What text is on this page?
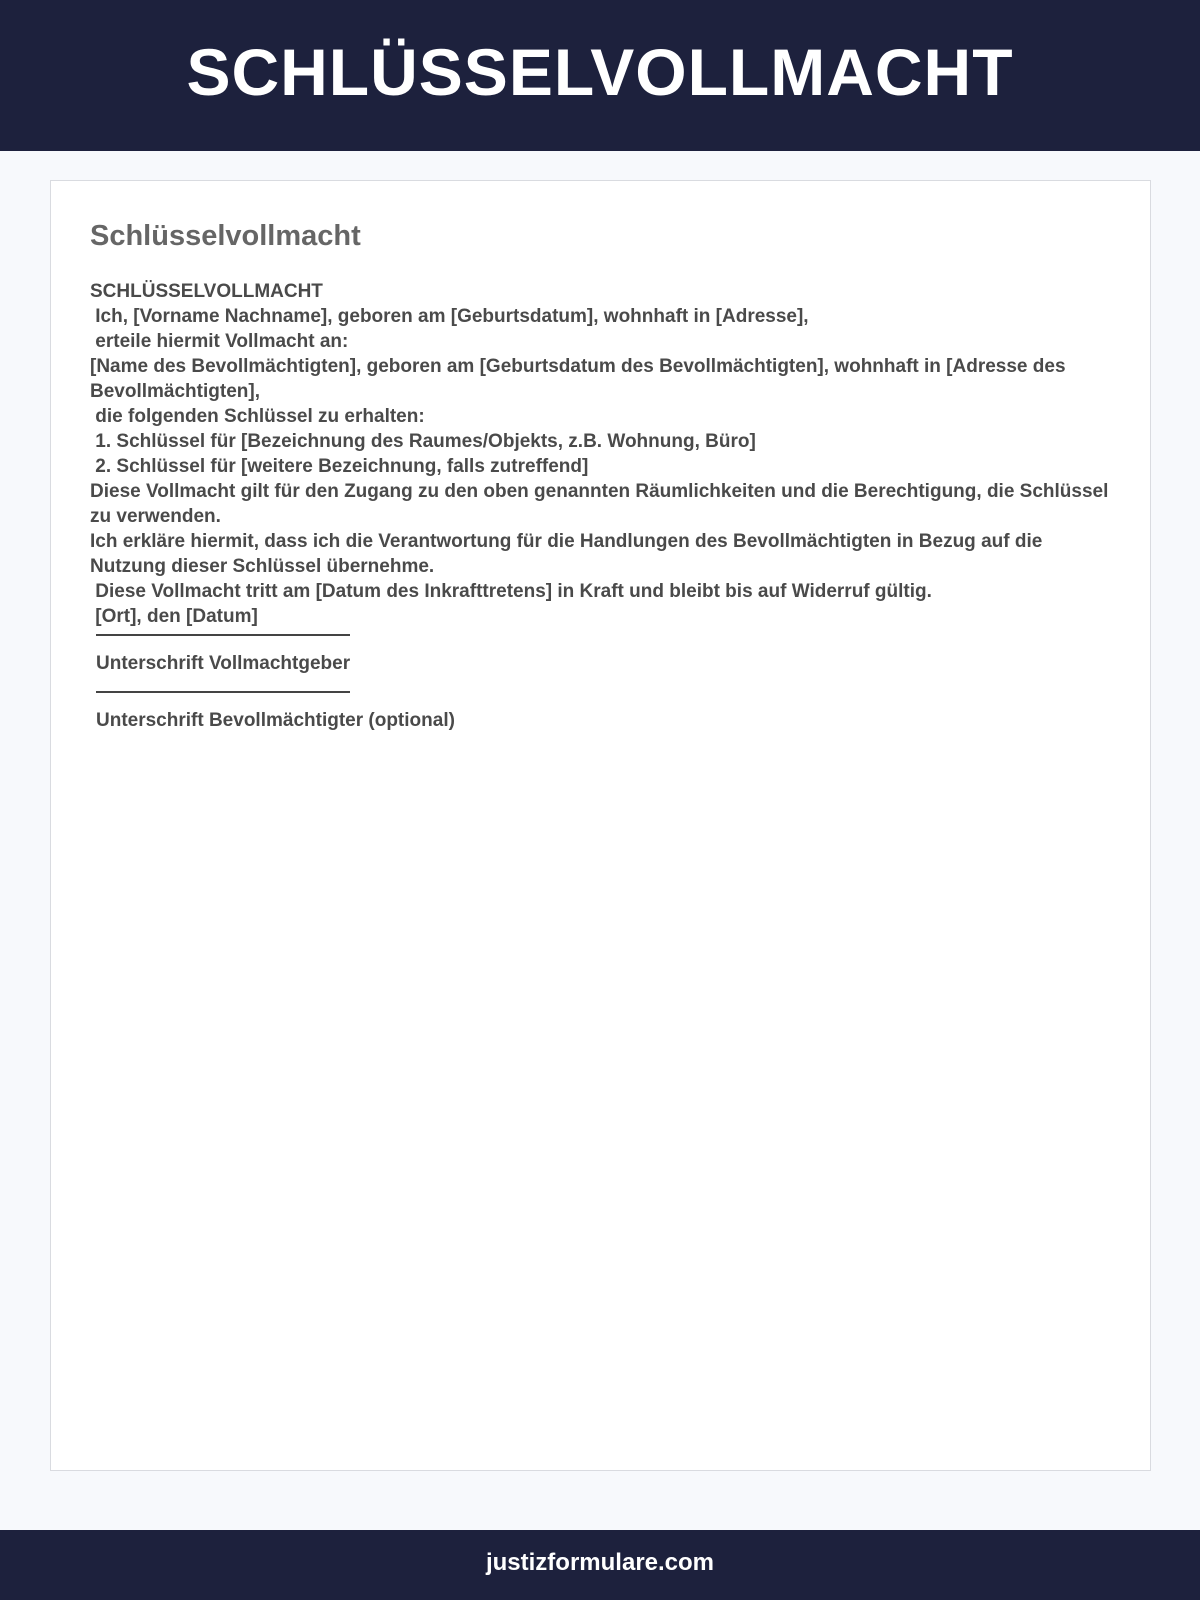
SCHLÜSSELVOLLMACHT
Schlüsselvollmacht

SCHLÜSSELVOLLMACHT

Ich, [Vorname Nachname], geboren am [Geburtsdatum], wohnhaft in [Adresse],

erteile hiermit Vollmacht an:

[Name des Bevollmächtigten], geboren am [Geburtsdatum des Bevollmächtigten], wohnhaft in [Adresse des Bevollmächtigten],

die folgenden Schlüssel zu erhalten:

1. Schlüssel für [Bezeichnung des Raumes/Objekts, z.B. Wohnung, Büro]

2. Schlüssel für [weitere Bezeichnung, falls zutreffend]

Diese Vollmacht gilt für den Zugang zu den oben genannten Räumlichkeiten und die Berechtigung, die Schlüssel zu verwenden.

Ich erkläre hiermit, dass ich die Verantwortung für die Handlungen des Bevollmächtigten in Bezug auf die Nutzung dieser Schlüssel übernehme.

Diese Vollmacht tritt am [Datum des Inkrafttretens] in Kraft und bleibt bis auf Widerruf gültig.

[Ort], den [Datum]

Unterschrift Vollmachtgeber
Unterschrift Bevollmächtigter (optional)
justizformulare.com
